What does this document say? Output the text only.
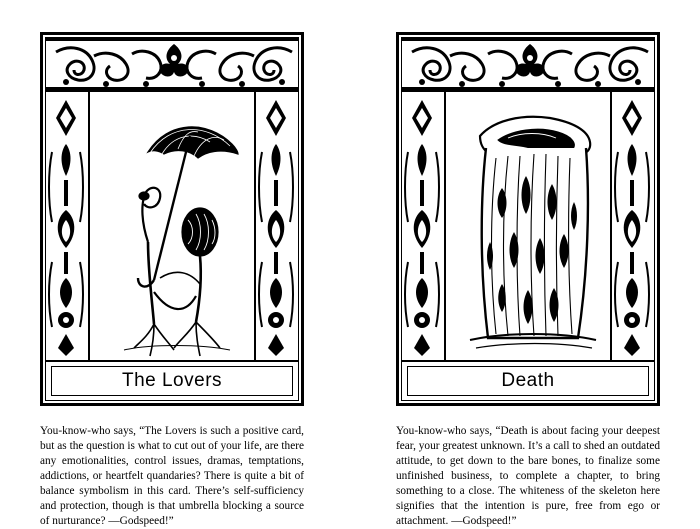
The Lovers

You-know-who says, “The Lovers is such a positive card, but as the question is what to cut out of your life, are there any emotionalities, control issues, dramas, temptations, addictions, or heartfelt quandaries? There is quite a bit of balance symbolism in this card. There’s self-sufficiency and protection, though is that umbrella blocking a source of nurturance? —Godspeed!”

Death

You-know-who says, “Death is about facing your deepest fear, your greatest unknown. It’s a call to shed an outdated attitude, to get down to the bare bones, to finalize some unfinished business, to complete a chapter, to bring something to a close. The whiteness of the skeleton here signifies that the intention is pure, free from ego or attachment. —Godspeed!”
